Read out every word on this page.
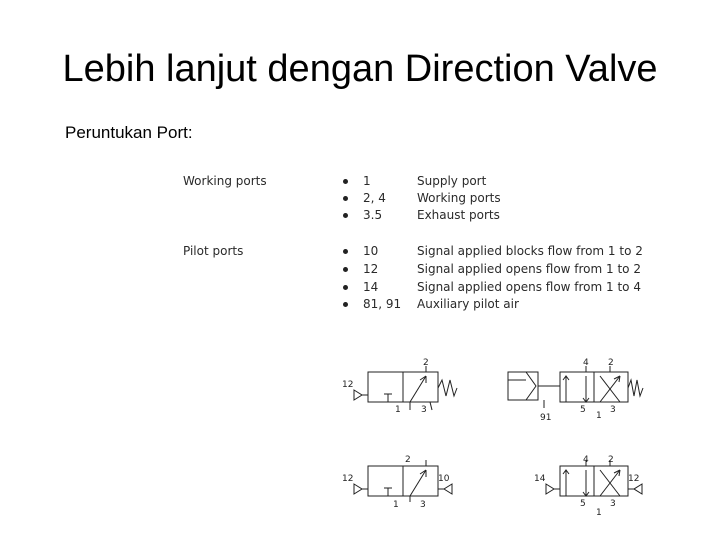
Lebih lanjut dengan Direction Valve
Peruntukan Port:
Working ports	1	Supply port
2, 4	Working ports
3.5	Exhaust ports
Pilot ports	10	Signal applied blocks flow from 1 to 2
12	Signal applied opens flow from 1 to 2
14	Signal applied opens flow from 1 to 4
81, 91 Auxiliary pilot air
12
2
1 3
91
4 2
5
1
3
12	10
2
1 3
14	12
4 2
5
1
3
